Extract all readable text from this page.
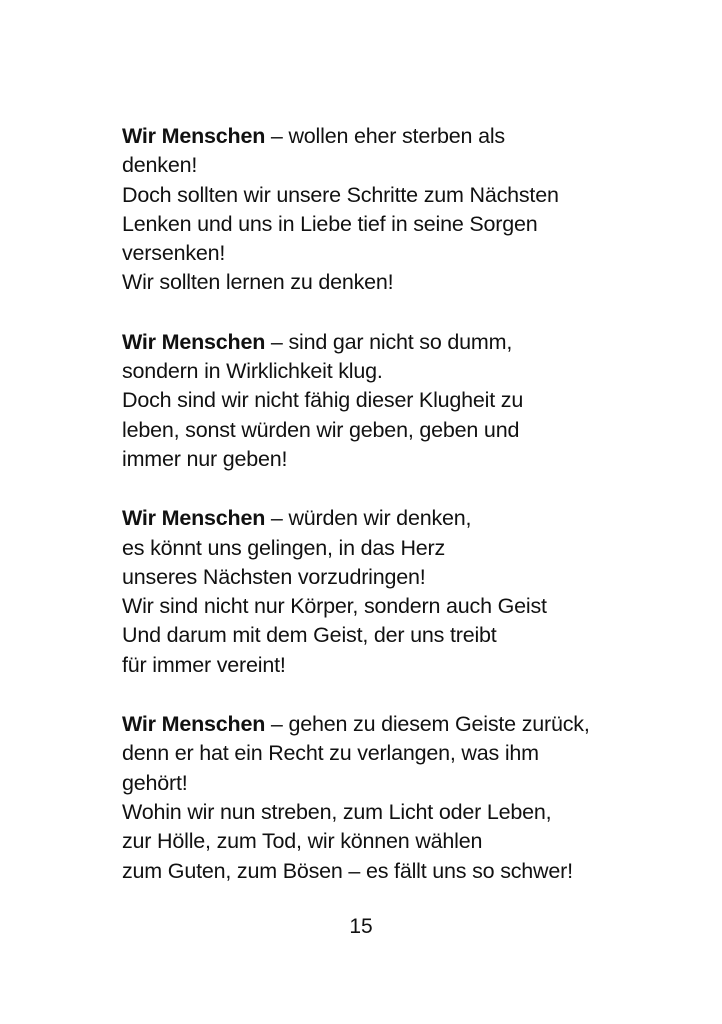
Wir Menschen – wollen eher sterben als
denken!
Doch sollten wir unsere Schritte zum Nächsten
Lenken und uns in Liebe tief in seine Sorgen
versenken!
Wir sollten lernen zu denken!
Wir Menschen – sind gar nicht so dumm,
sondern in Wirklichkeit klug.
Doch sind wir nicht fähig dieser Klugheit zu
leben, sonst würden wir geben, geben und
immer nur geben!
Wir Menschen – würden wir denken,
es könnt uns gelingen, in das Herz
unseres Nächsten vorzudringen!
Wir sind nicht nur Körper, sondern auch Geist
Und darum mit dem Geist, der uns treibt
für immer vereint!
Wir Menschen – gehen zu diesem Geiste zurück,
denn er hat ein Recht zu verlangen, was ihm
gehört!
Wohin wir nun streben, zum Licht oder Leben,
zur Hölle, zum Tod, wir können wählen
zum Guten, zum Bösen – es fällt uns so schwer!
15
